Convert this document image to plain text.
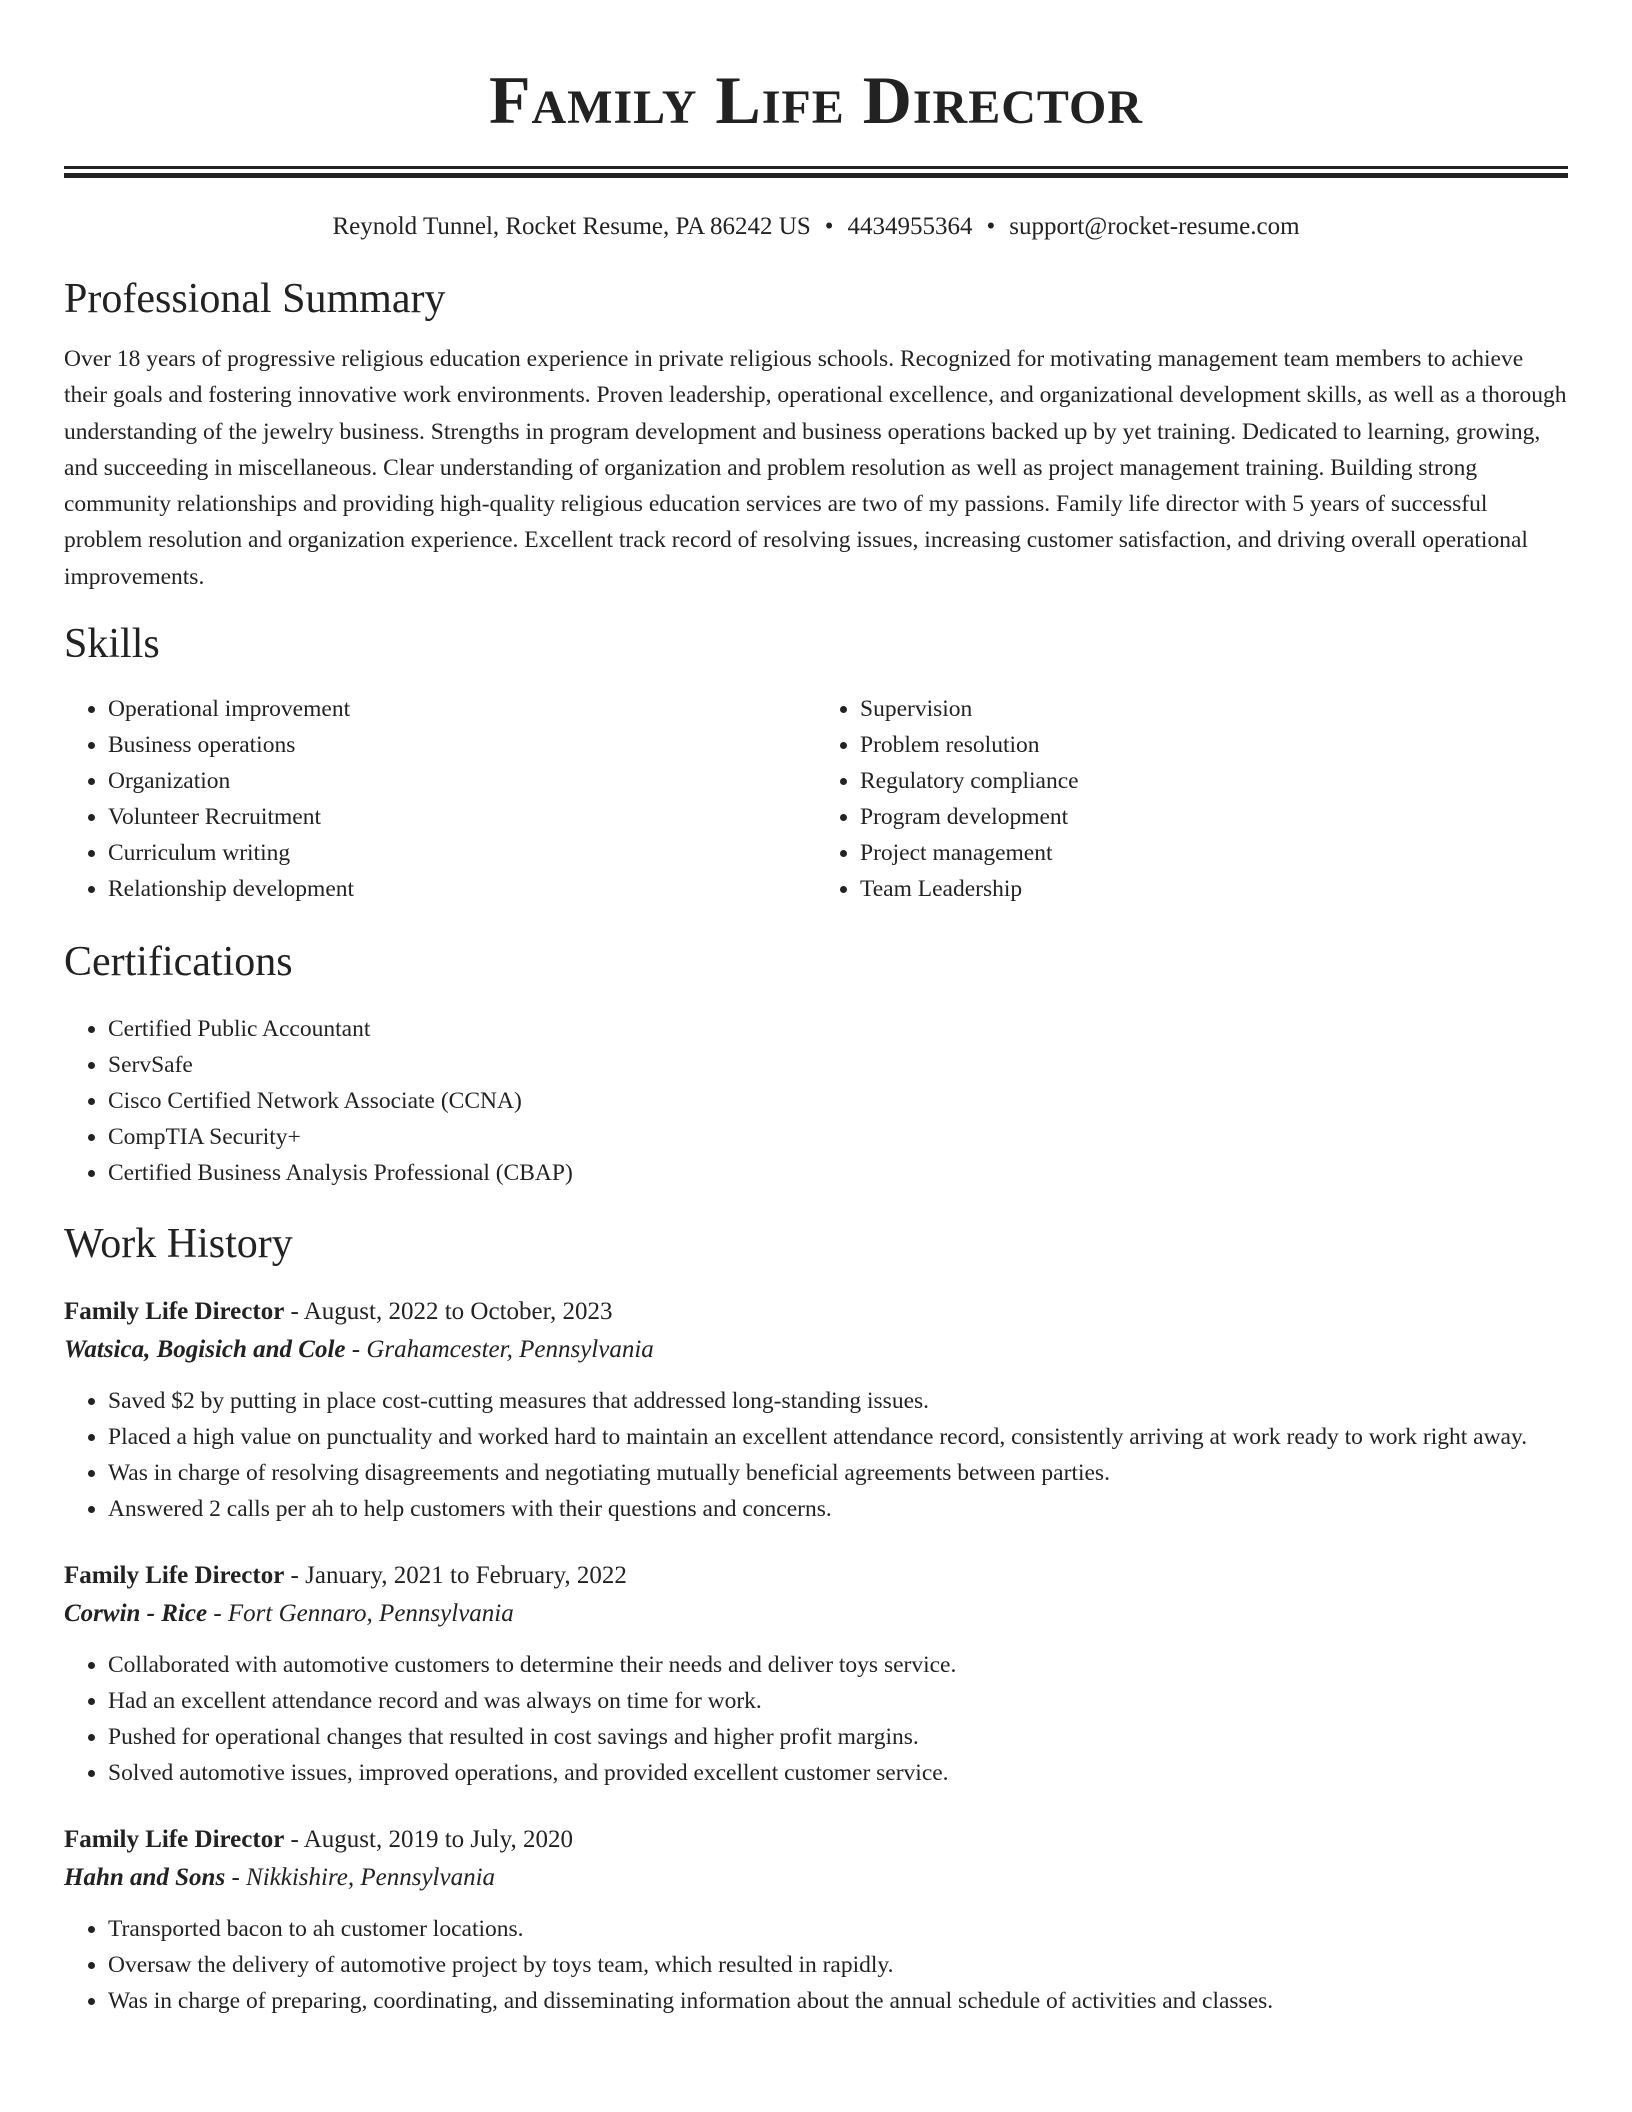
Family Life Director
Reynold Tunnel, Rocket Resume, PA 86242 US • 4434955364 • support@rocket-resume.com
Professional Summary

Over 18 years of progressive religious education experience in private religious schools. Recognized for motivating management team members to achieve their goals and fostering innovative work environments. Proven leadership, operational excellence, and organizational development skills, as well as a thorough understanding of the jewelry business. Strengths in program development and business operations backed up by yet training. Dedicated to learning, growing, and succeeding in miscellaneous. Clear understanding of organization and problem resolution as well as project management training. Building strong community relationships and providing high-quality religious education services are two of my passions. Family life director with 5 years of successful problem resolution and organization experience. Excellent track record of resolving issues, increasing customer satisfaction, and driving overall operational improvements.

Skills
• Operational improvement
• Business operations
• Organization
• Volunteer Recruitment
• Curriculum writing
• Relationship development
• Supervision
• Problem resolution
• Regulatory compliance
• Program development
• Project management
• Team Leadership
Certifications
• Certified Public Accountant
• ServSafe
• Cisco Certified Network Associate (CCNA)
• CompTIA Security+
• Certified Business Analysis Professional (CBAP)
Work History
Family Life Director - August, 2022 to October, 2023
Watsica, Bogisich and Cole - Grahamcester, Pennsylvania
• Saved $2 by putting in place cost-cutting measures that addressed long-standing issues.
• Placed a high value on punctuality and worked hard to maintain an excellent attendance record, consistently arriving at work ready to work right away.
• Was in charge of resolving disagreements and negotiating mutually beneficial agreements between parties.
• Answered 2 calls per ah to help customers with their questions and concerns.
Family Life Director - January, 2021 to February, 2022
Corwin - Rice - Fort Gennaro, Pennsylvania
• Collaborated with automotive customers to determine their needs and deliver toys service.
• Had an excellent attendance record and was always on time for work.
• Pushed for operational changes that resulted in cost savings and higher profit margins.
• Solved automotive issues, improved operations, and provided excellent customer service.
Family Life Director - August, 2019 to July, 2020
Hahn and Sons - Nikkishire, Pennsylvania
• Transported bacon to ah customer locations.
• Oversaw the delivery of automotive project by toys team, which resulted in rapidly.
• Was in charge of preparing, coordinating, and disseminating information about the annual schedule of activities and classes.
